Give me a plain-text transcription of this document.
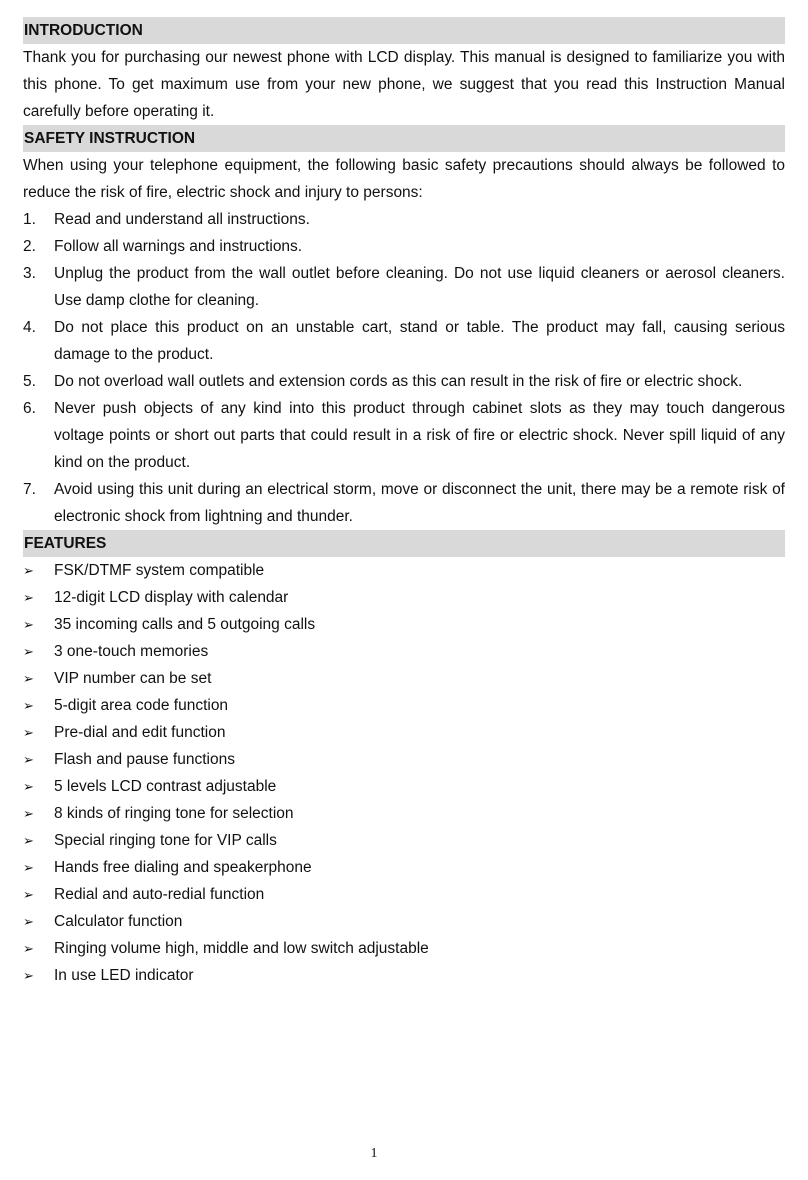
INTRODUCTION

Thank you for purchasing our newest phone with LCD display. This manual is designed to familiarize you with this phone. To get maximum use from your new phone, we suggest that you read this Instruction Manual carefully before operating it.

SAFETY INSTRUCTION

When using your telephone equipment, the following basic safety precautions should always be followed to reduce the risk of fire, electric shock and injury to persons:

1.	Read and understand all instructions.
2.	Follow all warnings and instructions.
3.	Unplug the product from the wall outlet before cleaning. Do not use liquid cleaners or aerosol cleaners. Use damp clothe for cleaning.
4.	Do not place this product on an unstable cart, stand or table. The product may fall, causing serious damage to the product.
5.	Do not overload wall outlets and extension cords as this can result in the risk of fire or electric shock.
6.	Never push objects of any kind into this product through cabinet slots as they may touch dangerous voltage points or short out parts that could result in a risk of fire or electric shock. Never spill liquid of any kind on the product.
7.	Avoid using this unit during an electrical storm, move or disconnect the unit, there may be a remote risk of electronic shock from lightning and thunder.
FEATURES
➢	FSK/DTMF system compatible
➢	12-digit LCD display with calendar
➢	35 incoming calls and 5 outgoing calls
➢	3 one-touch memories
➢	VIP number can be set
➢	5-digit area code function
➢	Pre-dial and edit function
➢	Flash and pause functions
➢	5 levels LCD contrast adjustable
➢	8 kinds of ringing tone for selection
➢	Special ringing tone for VIP calls
➢	Hands free dialing and speakerphone
➢	Redial and auto-redial function
➢	Calculator function
➢	Ringing volume high, middle and low switch adjustable
➢	In use LED indicator
1
